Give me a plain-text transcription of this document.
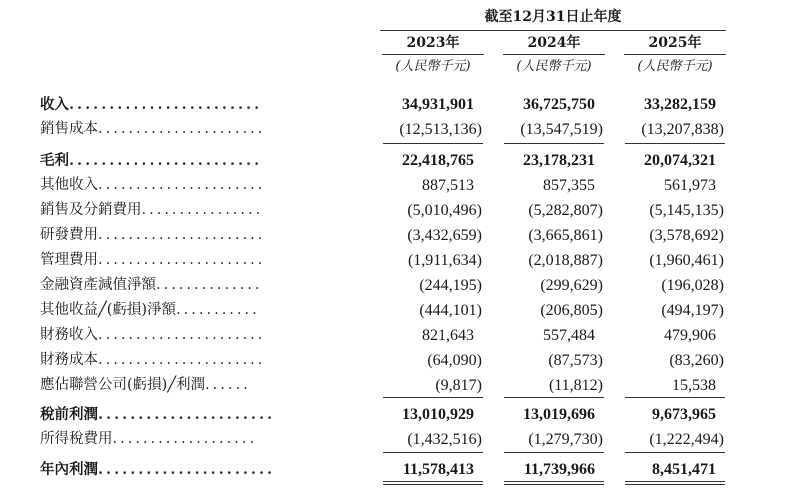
截至12月31日止年度
2023年	2024年	2025年
(人民幣千元)	(人民幣千元)	(人民幣千元)
收入........................	34,931,901	36,725,750	33,282,159
銷售成本......................	(12,513,136)	(13,547,519)	(13,207,838)
毛利........................	22,418,765	23,178,231	20,074,321
其他收入......................	887,513	857,355	561,973
銷售及分銷費用................	(5,010,496)	(5,282,807)	(5,145,135)
研發費用......................	(3,432,659)	(3,665,861)	(3,578,692)
管理費用......................	(1,911,634)	(2,018,887)	(1,960,461)
金融資產減值淨額..............	(244,195)	(299,629)	(196,028)
其他收益╱(虧損)淨額...........	(444,101)	(206,805)	(494,197)
財務收入......................	821,643	557,484	479,906
財務成本......................	(64,090)	(87,573)	(83,260)
應佔聯營公司(虧損)╱利潤......	(9,817)	(11,812)	15,538
稅前利潤......................	13,010,929	13,019,696	9,673,965
所得稅費用...................	(1,432,516)	(1,279,730)	(1,222,494)
年內利潤......................	11,578,413	11,739,966	8,451,471
